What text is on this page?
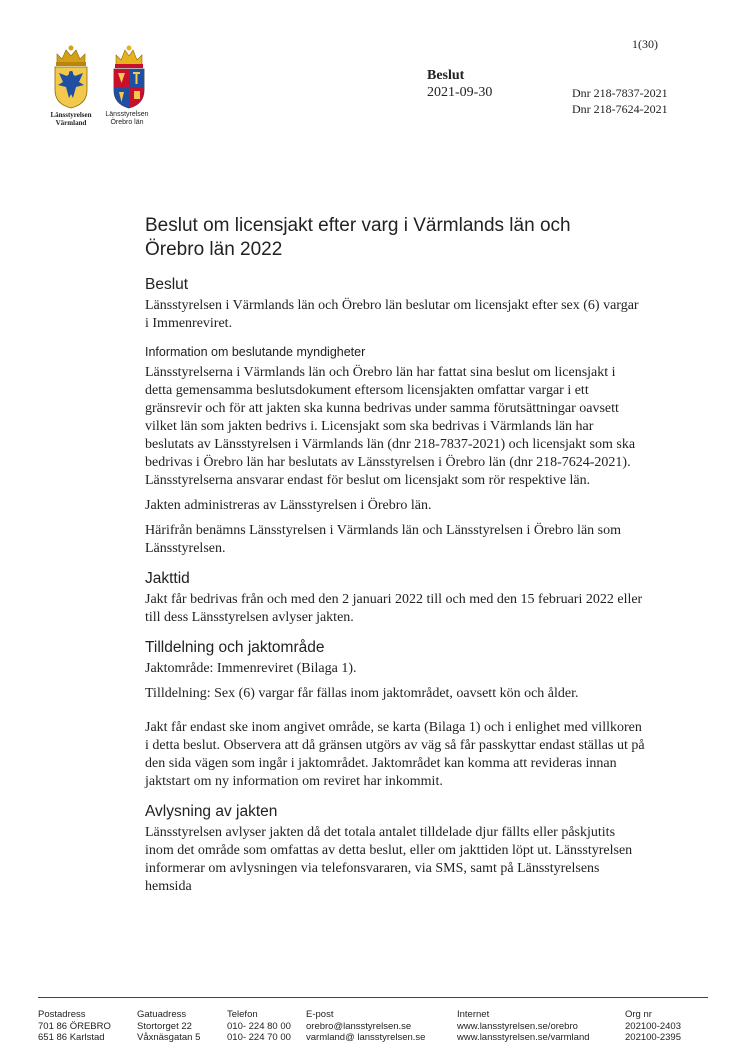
1(30)
Länsstyrelsen
Värmland
Länsstyrelsen
Örebro län
Beslut
2021-09-30	Dnr 218-7837-2021
Dnr 218-7624-2021
Beslut om licensjakt efter varg i Värmlands län och Örebro län 2022
Beslut
Länsstyrelsen i Värmlands län och Örebro län beslutar om licensjakt efter sex (6) vargar i Immenreviret.
Information om beslutande myndigheter
Länsstyrelserna i Värmlands län och Örebro län har fattat sina beslut om licensjakt i detta gemensamma beslutsdokument eftersom licensjakten omfattar vargar i ett gränsrevir och för att jakten ska kunna bedrivas under samma förutsättningar oavsett vilket län som jakten bedrivs i. Licensjakt som ska bedrivas i Värmlands län har beslutats av Länsstyrelsen i Värmlands län (dnr 218-7837-2021) och licensjakt som ska bedrivas i Örebro län har beslutats av Länsstyrelsen i Örebro län (dnr 218-7624-2021). Länsstyrelserna ansvarar endast för beslut om licensjakt som rör respektive län.
Jakten administreras av Länsstyrelsen i Örebro län.
Härifrån benämns Länsstyrelsen i Värmlands län och Länsstyrelsen i Örebro län som Länsstyrelsen.
Jakttid
Jakt får bedrivas från och med den 2 januari 2022 till och med den 15 februari 2022 eller till dess Länsstyrelsen avlyser jakten.
Tilldelning och jaktområde
Jaktområde: Immenreviret (Bilaga 1).
Tilldelning: Sex (6) vargar får fällas inom jaktområdet, oavsett kön och ålder.
Jakt får endast ske inom angivet område, se karta (Bilaga 1) och i enlighet med villkoren i detta beslut. Observera att då gränsen utgörs av väg så får passkyttar endast ställas ut på den sida vägen som ingår i jaktområdet. Jaktområdet kan komma att revideras innan jaktstart om ny information om reviret har inkommit.
Avlysning av jakten
Länsstyrelsen avlyser jakten då det totala antalet tilldelade djur fällts eller påskjutits inom det område som omfattas av detta beslut, eller om jakttiden löpt ut. Länsstyrelsen informerar om avlysningen via telefonsvararen, via SMS, samt på Länsstyrelsens hemsida
Postadress
701 86 ÖREBRO
651 86 Karlstad
Gatuadress
Stortorget 22
Våxnäsgatan 5
Telefon
010- 224 80 00
010- 224 70 00
E-post
orebro@lansstyrelsen.se
varmland@ lansstyrelsen.se
Internet
www.lansstyrelsen.se/orebro
www.lansstyrelsen.se/varmland
Org nr
202100-2403
202100-2395
